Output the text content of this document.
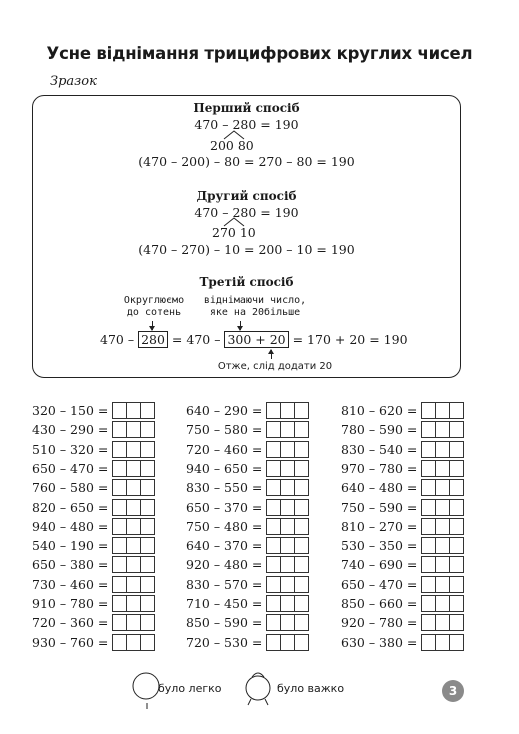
Усне віднімання трицифрових круглих чисел
Зразок
Перший спосіб
470 – 280 = 190
200 80
(470 – 200) – 80 = 270 – 80 = 190
Другий спосіб
470 – 280 = 190
270 10
(470 – 270) – 10 = 200 – 10 = 190
Третій спосіб
Округлюємо
до сотень
віднімаючи число,
яке на 20більше
470 – 280 = 470 – 300 + 20 = 170 + 20 = 190
Отже, слід додати 20
320 – 150 =
430 – 290 =
510 – 320 =
650 – 470 =
760 – 580 =
820 – 650 =
940 – 480 =
540 – 190 =
650 – 380 =
730 – 460 =
910 – 780 =
720 – 360 =
930 – 760 =
640 – 290 =
750 – 580 =
720 – 460 =
940 – 650 =
830 – 550 =
650 – 370 =
750 – 480 =
640 – 370 =
920 – 480 =
830 – 570 =
710 – 450 =
850 – 590 =
720 – 530 =
810 – 620 =
780 – 590 =
830 – 540 =
970 – 780 =
640 – 480 =
750 – 590 =
810 – 270 =
530 – 350 =
740 – 690 =
650 – 470 =
850 – 660 =
920 – 780 =
630 – 380 =
було легко	було важко	3
